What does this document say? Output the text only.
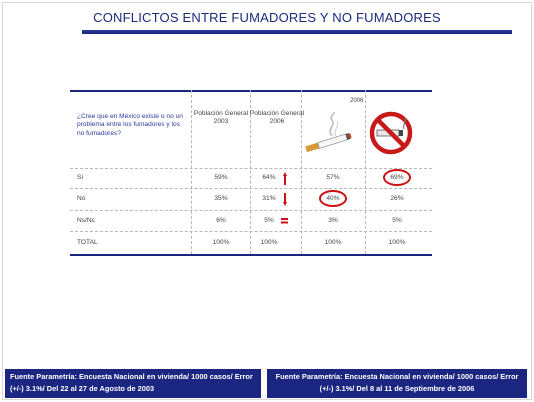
CONFLICTOS ENTRE FUMADORES Y NO FUMADORES
2006
¿Cree que en México existe o no un problema entre los fumadores y los no fumadores?
Población General 2003
Población General 2006
Sí	59%	64%	57%	69%
No	35%	31%	40%	26%
Ns/Nc	6%	5%	3%	5%
TOTAL	100%	100%	100%	100%
Fuente Parametría: Encuesta Nacional en vivienda/ 1000 casos/ Error (+/-) 3.1%/ Del 22 al 27 de Agosto de 2003
Fuente Parametría: Encuesta Nacional en vivienda/ 1000 casos/ Error (+/-) 3.1%/ Del 8 al 11 de Septiembre de 2006
